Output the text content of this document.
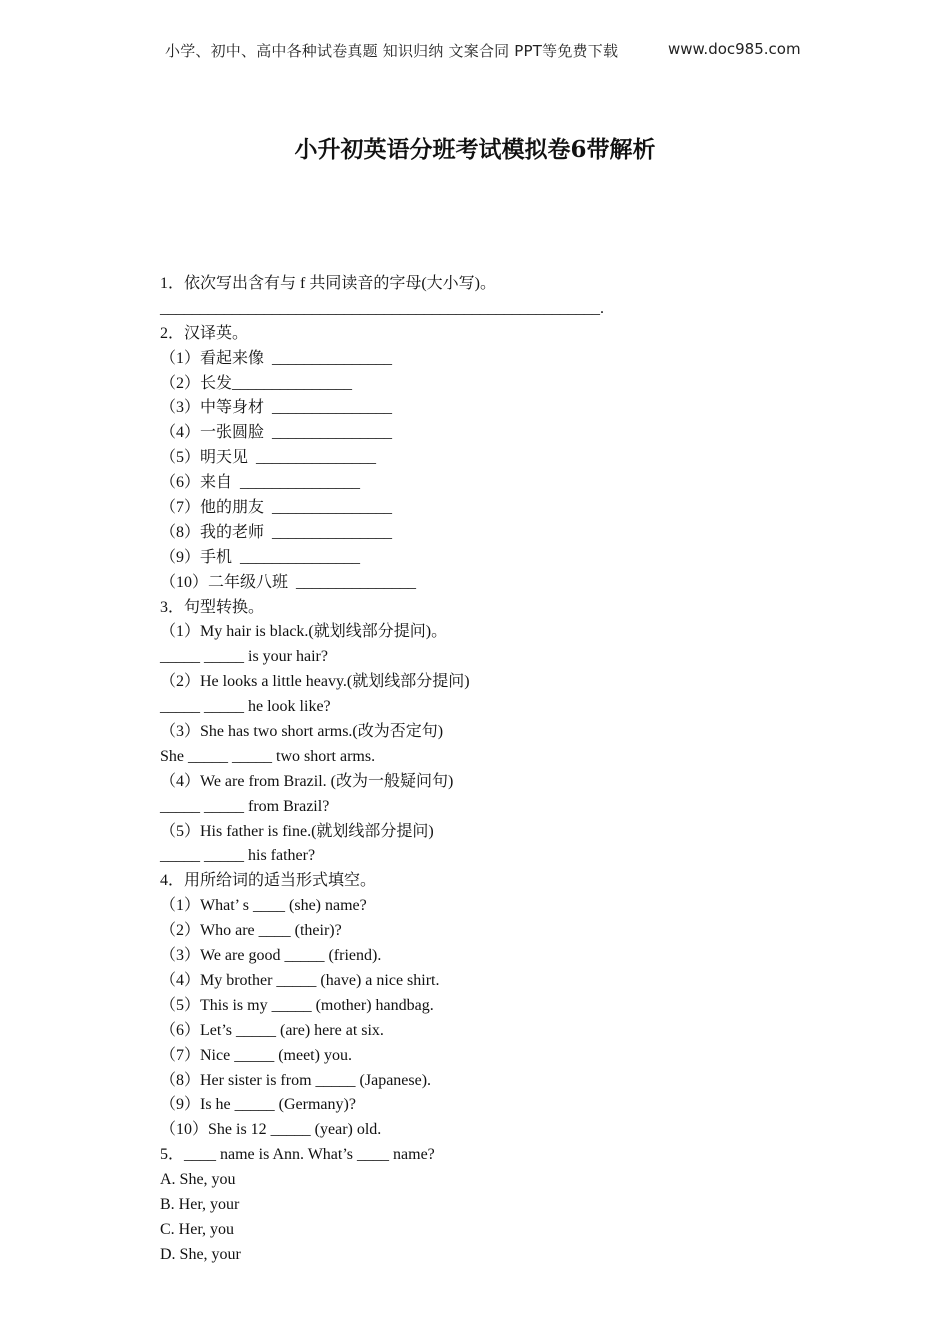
小学、初中、高中各种试卷真题 知识归纳 文案合同 PPT等免费下载	www.doc985.com
小升初英语分班考试模拟卷6带解析
1．依次写出含有与 f 共同读音的字母(大小写)。
_______________________________________________________.
2．汉译英。
（1）看起来像  _______________
（2）长发_______________
（3）中等身材  _______________
（4）一张圆脸  _______________
（5）明天见  _______________
（6）来自  _______________
（7）他的朋友  _______________
（8）我的老师  _______________
（9）手机  _______________
（10）二年级八班  _______________
3．句型转换。
（1）My hair is black.(就划线部分提问)。
_____ _____ is your hair?
（2）He looks a little heavy.(就划线部分提问)
_____ _____ he look like?
（3）She has two short arms.(改为否定句)
She _____ _____ two short arms.
（4）We are from Brazil. (改为一般疑问句)
_____ _____ from Brazil?
（5）His father is fine.(就划线部分提问)
_____ _____ his father?
4．用所给词的适当形式填空。
（1）What’ s ____ (she) name?
（2）Who are ____ (their)?
（3）We are good _____ (friend).
（4）My brother _____ (have) a nice shirt.
（5）This is my _____ (mother) handbag.
（6）Let’s _____ (are) here at six.
（7）Nice _____ (meet) you.
（8）Her sister is from _____ (Japanese).
（9）Is he _____ (Germany)?
（10）She is 12 _____ (year) old.
5．____ name is Ann. What’s ____ name?
A. She, you
B. Her, your
C. Her, you
D. She, your
